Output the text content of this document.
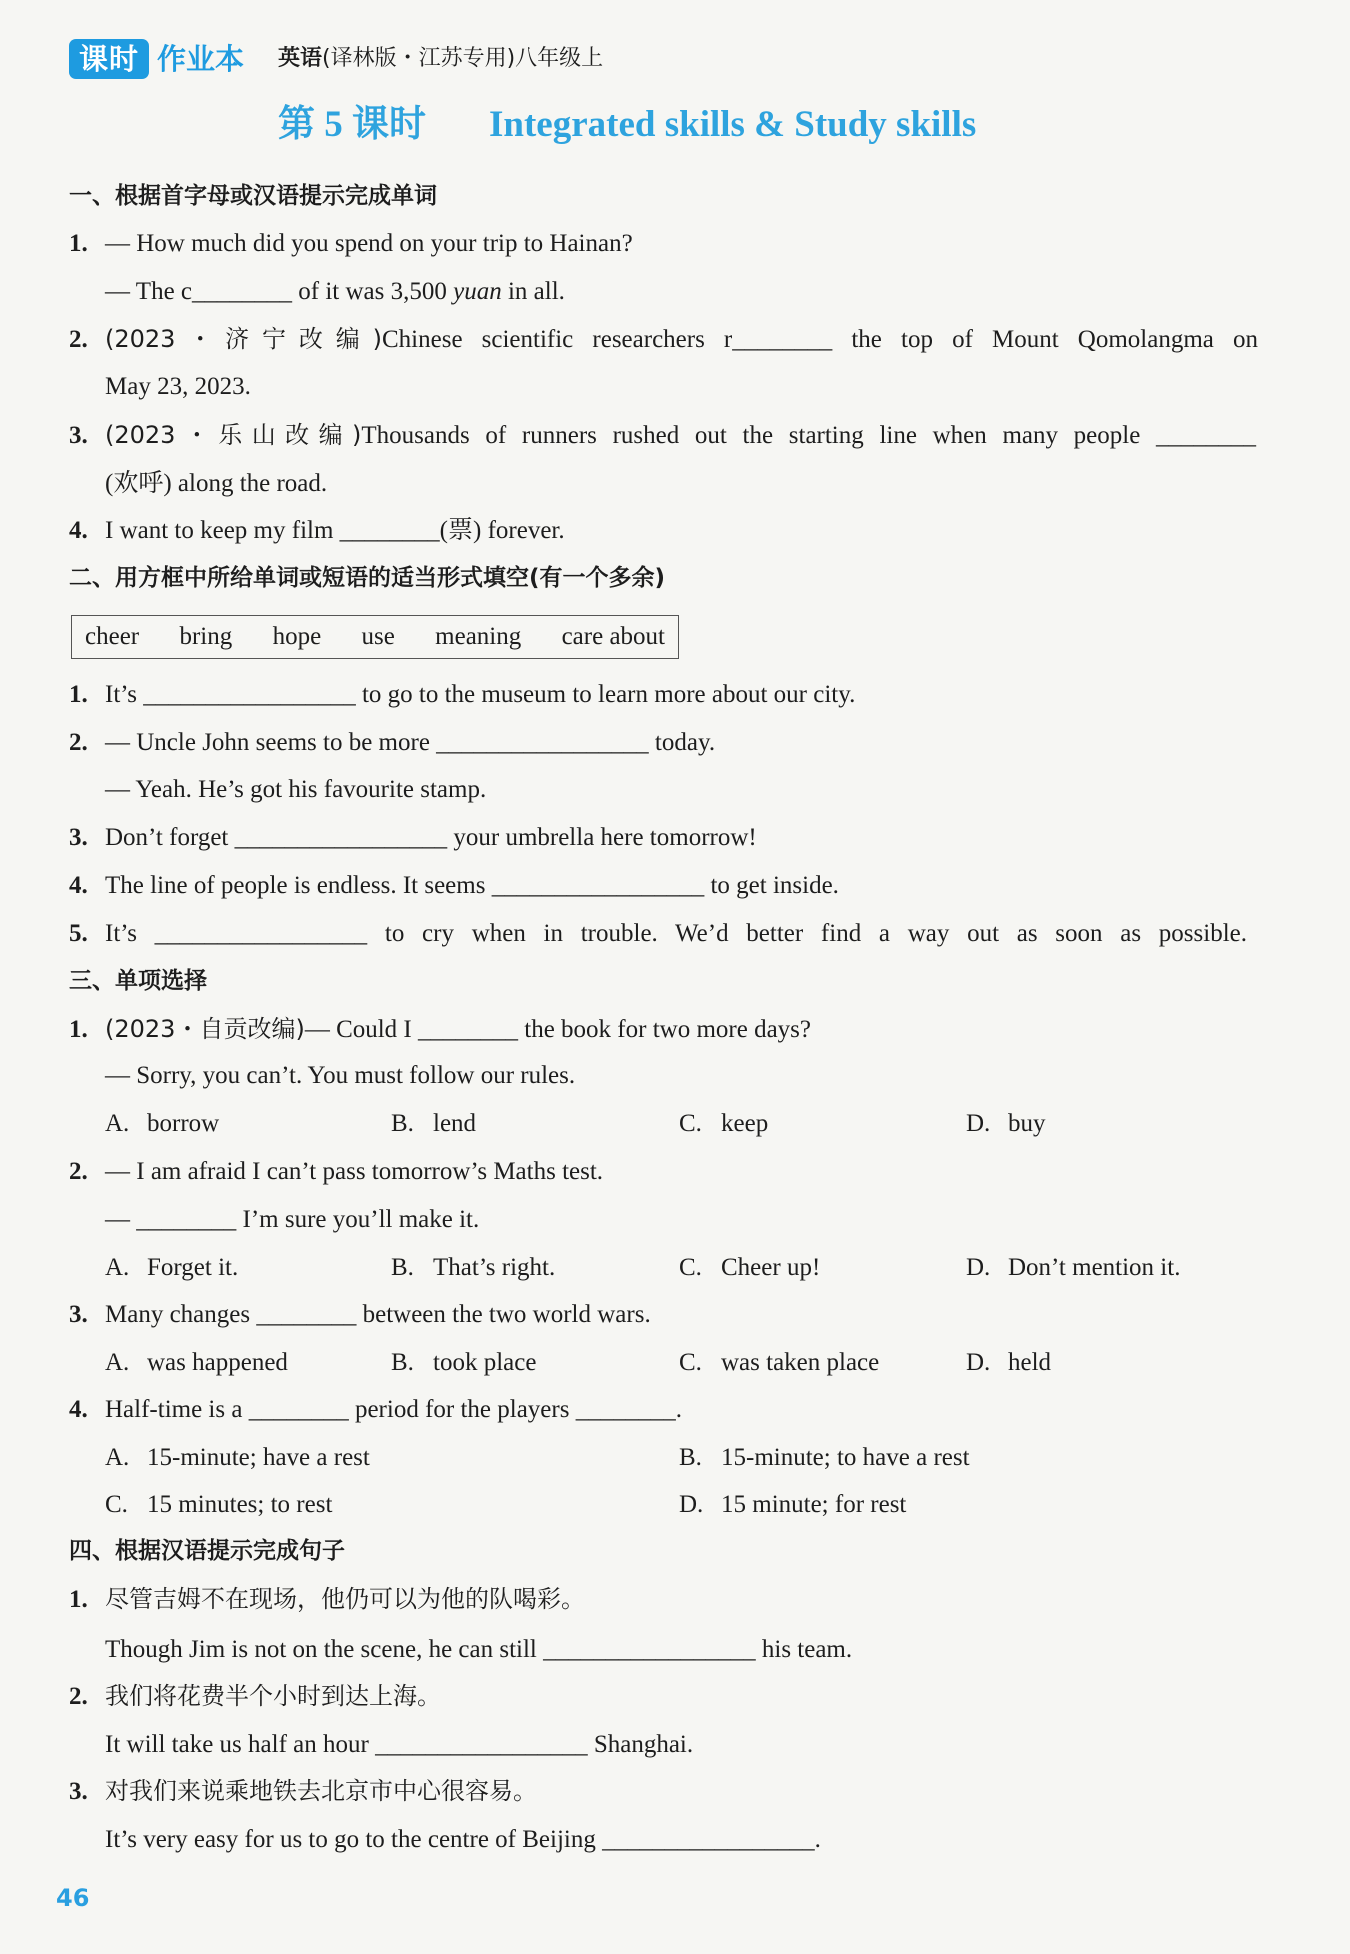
课时 作业本 英语(译林版・江苏专用)八年级上
第 5 课时 Integrated skills & Study skills
一、根据首字母或汉语提示完成单词
1. — How much did you spend on your trip to Hainan?
— The c________ of it was 3,500 yuan in all.
2. (2023・济宁改编)Chinese scientific researchers r________ the top of Mount Qomolangma on
May 23, 2023.
3. (2023・乐山改编)Thousands of runners rushed out the starting line when many people ________
(欢呼) along the road.
4. I want to keep my film ________(票) forever.
二、用方框中所给单词或短语的适当形式填空(有一个多余)
cheer bring hope use meaning care about
1. It’s _________________ to go to the museum to learn more about our city.
2. — Uncle John seems to be more _________________ today.
— Yeah. He’s got his favourite stamp.
3. Don’t forget _________________ your umbrella here tomorrow!
4. The line of people is endless. It seems _________________ to get inside.
5. It’s _________________ to cry when in trouble. We’d better find a way out as soon as possible.
三、单项选择
1. (2023・自贡改编)— Could I ________ the book for two more days?
— Sorry, you can’t. You must follow our rules.
A. borrow	B. lend	C. keep	D. buy
2. — I am afraid I can’t pass tomorrow’s Maths test.
— ________ I’m sure you’ll make it.
A. Forget it.	B. That’s right.	C. Cheer up!	D. Don’t mention it.
3. Many changes ________ between the two world wars.
A. was happened	B. took place	C. was taken place	D. held
4. Half-time is a ________ period for the players ________.
A. 15-minute; have a rest	B. 15-minute; to have a rest
C. 15 minutes; to rest	D. 15 minute; for rest
四、根据汉语提示完成句子
1. 尽管吉姆不在现场，他仍可以为他的队喝彩。
Though Jim is not on the scene, he can still _________________ his team.
2. 我们将花费半个小时到达上海。
It will take us half an hour _________________ Shanghai.
3. 对我们来说乘地铁去北京市中心很容易。
It’s very easy for us to go to the centre of Beijing _________________.
46
